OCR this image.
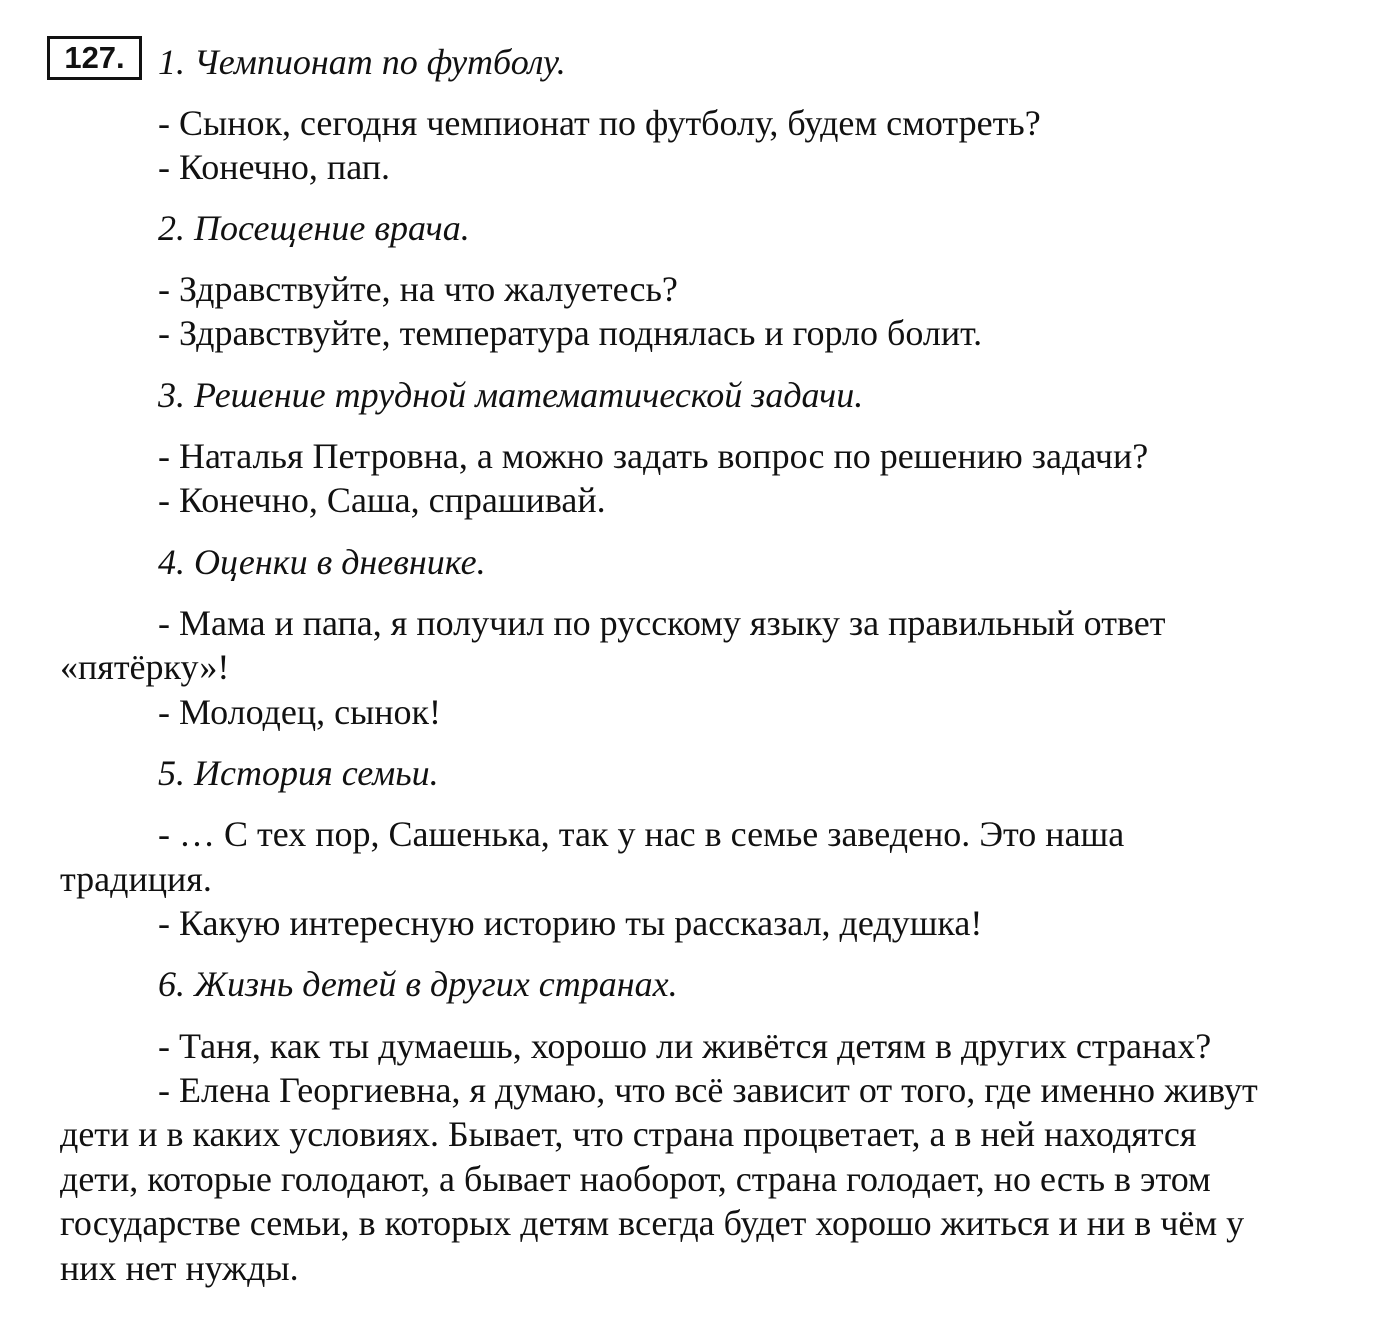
127. 1. Чемпионат по футболу.
- Сынок, сегодня чемпионат по футболу, будем смотреть?
- Конечно, пап.
2. Посещение врача.
- Здравствуйте, на что жалуетесь?
- Здравствуйте, температура поднялась и горло болит.
3. Решение трудной математической задачи.
- Наталья Петровна, а можно задать вопрос по решению задачи?
- Конечно, Саша, спрашивай.
4. Оценки в дневнике.
- Мама и папа, я получил по русскому языку за правильный ответ
«пятёрку»!
- Молодец, сынок!
5. История семьи.
- … С тех пор, Сашенька, так у нас в семье заведено. Это наша
традиция.
- Какую интересную историю ты рассказал, дедушка!
6. Жизнь детей в других странах.
- Таня, как ты думаешь, хорошо ли живётся детям в других странах?
- Елена Георгиевна, я думаю, что всё зависит от того, где именно живут
дети и в каких условиях. Бывает, что страна процветает, а в ней находятся
дети, которые голодают, а бывает наоборот, страна голодает, но есть в этом
государстве семьи, в которых детям всегда будет хорошо житься и ни в чём у
них нет нужды.
